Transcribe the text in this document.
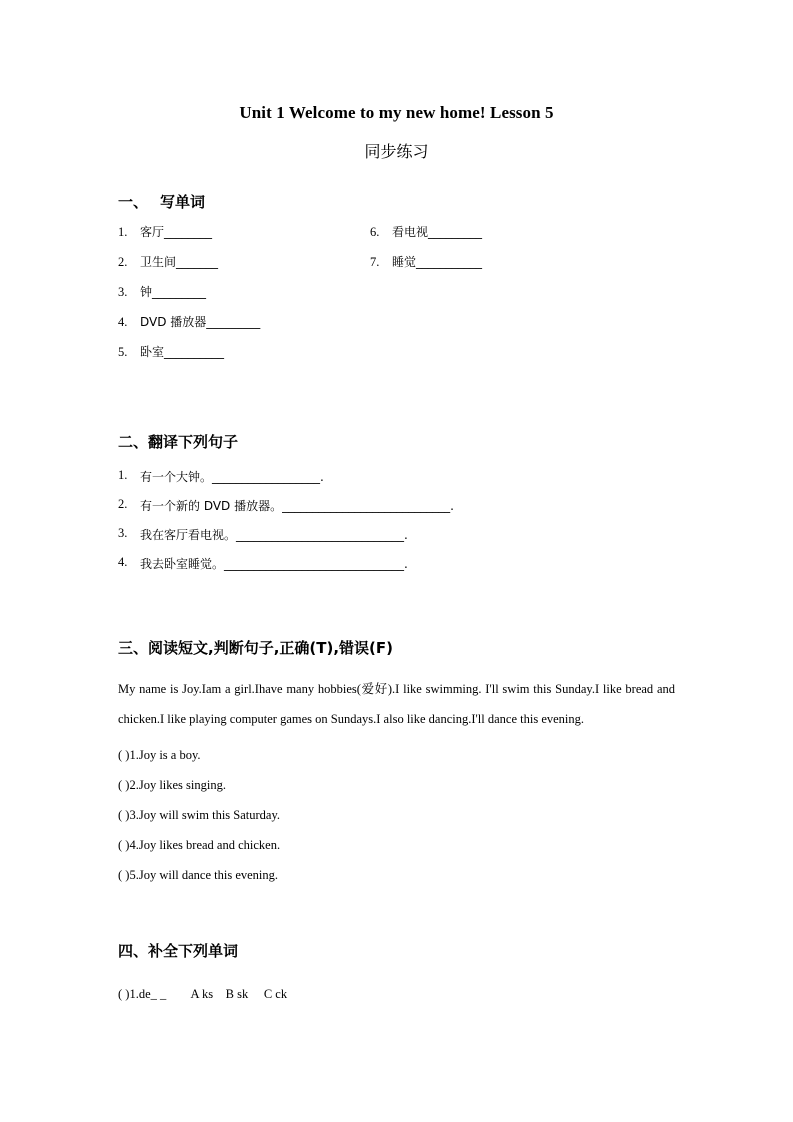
Unit 1 Welcome to my new home! Lesson 5
同步练习
一、 写单词
1.	客厅________	6.	看电视_________
2.	卫生间_______	7.	睡觉___________
3.	钟_________
4.	DVD 播放器_________
5.	卧室__________
二、翻译下列句子
1.	有一个大钟。__________________.
2.	有一个新的 DVD 播放器。____________________________.
3.	我在客厅看电视。____________________________.
4.	我去卧室睡觉。______________________________.
三、阅读短文,判断句子,正确(T),错误(F)

My name is Joy.Iam a girl.Ihave many hobbies(爱好).I like swimming. I'll swim this Sunday.I like bread and chicken.I like playing computer games on Sundays.I also like dancing.I'll dance this evening.

( )1.Joy is a boy.
( )2.Joy likes singing.
( )3.Joy will swim this Saturday.
( )4.Joy likes bread and chicken.
( )5.Joy will dance this evening.
四、补全下列单词
( )1.de_ _        A ks    B sk     C ck
